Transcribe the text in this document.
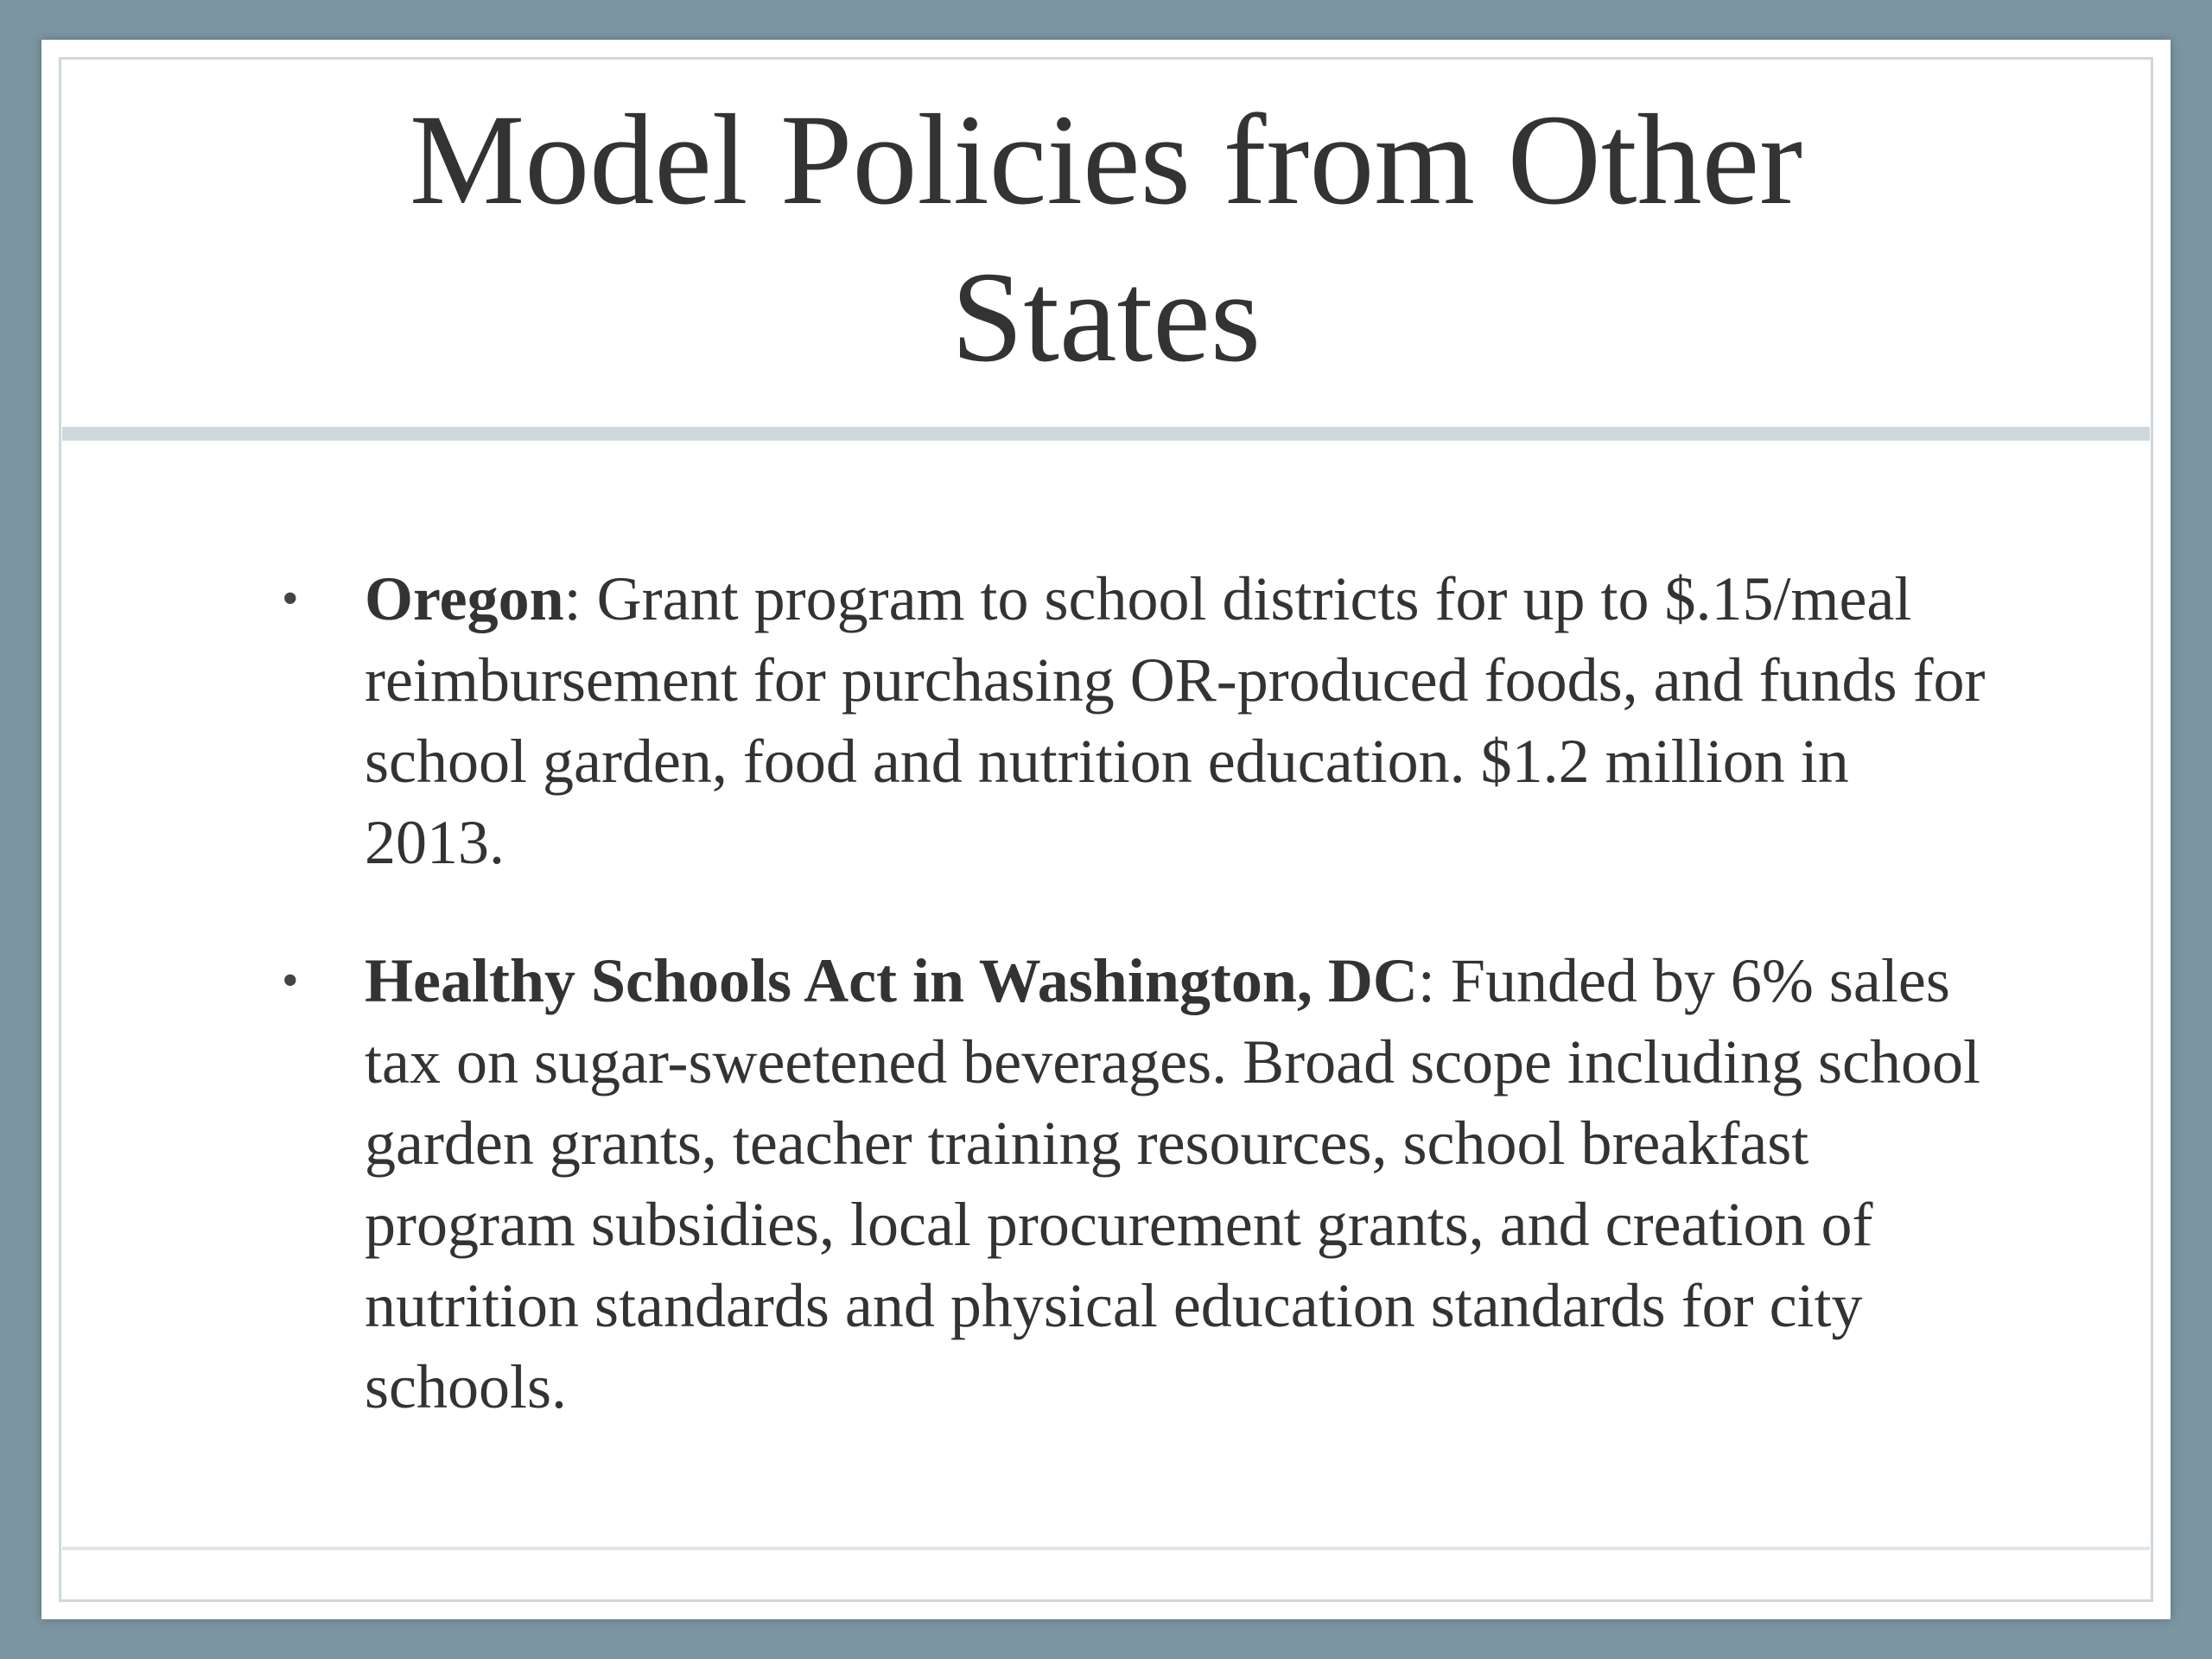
Model Policies from Other States
• Oregon: Grant program to school districts for up to $.15/meal reimbursement for purchasing OR-produced foods, and funds for school garden, food and nutrition education. $1.2 million in 2013.
• Healthy Schools Act in Washington, DC: Funded by 6% sales tax on sugar-sweetened beverages. Broad scope including school garden grants, teacher training resources, school breakfast program subsidies, local procurement grants, and creation of nutrition standards and physical education standards for city schools.
